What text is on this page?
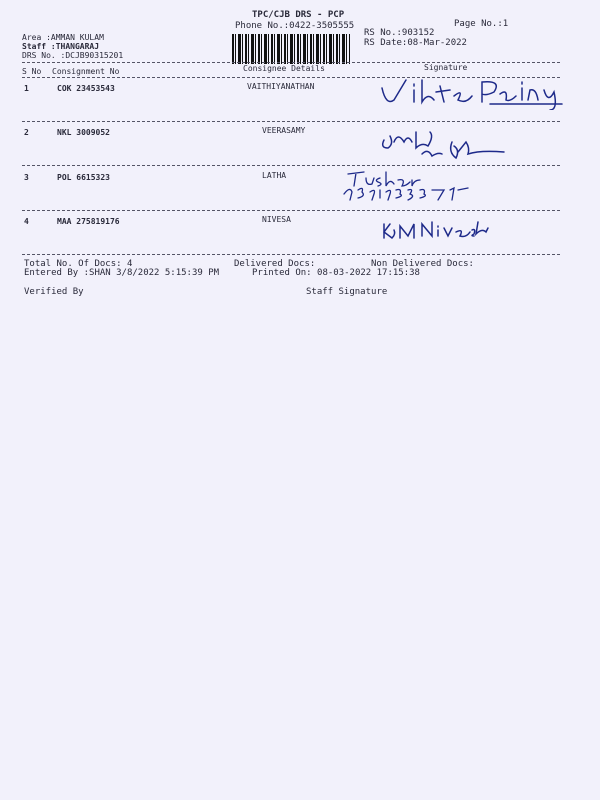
TPC/CJB DRS - PCP
Phone No.:0422-3505555	Page No.:1
RS No.:903152
RS Date:08-Mar-2022
Area :AMMAN KULAM
Staff :THANGARAJ
DRS No. :DCJB90315201
S No Consignment No	Consignee Details	Signature
1	COK 23453543	VAITHIYANATHAN
2	NKL 3009052	VEERASAMY
3	POL 6615323	LATHA
4	MAA 275819176	NIVESA
Total No. Of Docs: 4	Delivered Docs:	Non Delivered Docs:
Entered By :SHAN 3/8/2022 5:15:39 PM	Printed On: 08-03-2022 17:15:38
Verified By	Staff Signature
